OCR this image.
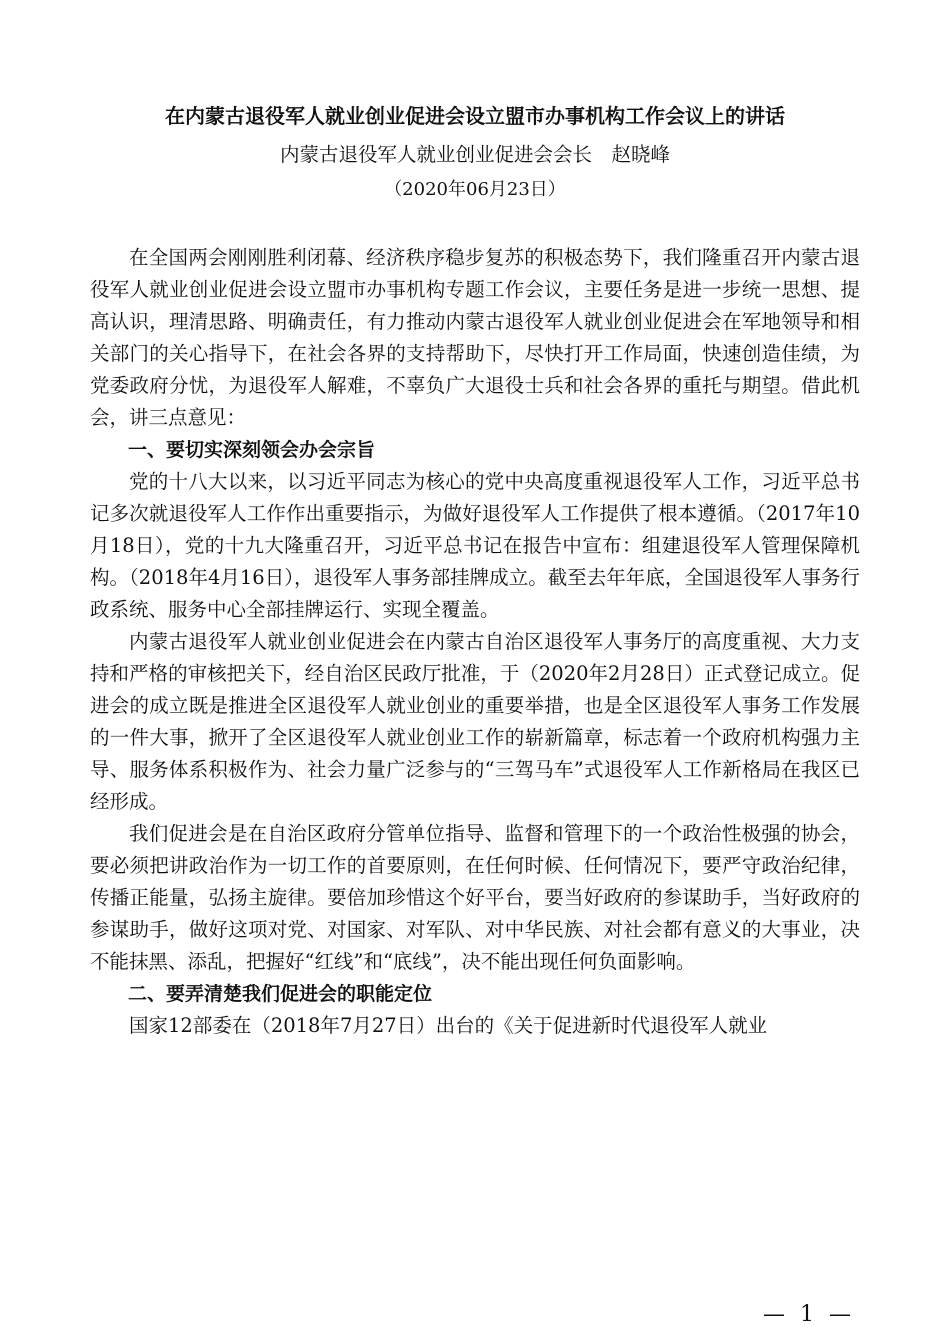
在内蒙古退役军人就业创业促进会设立盟市办事机构工作会议上的讲话
内蒙古退役军人就业创业促进会会长　赵晓峰
（2020年06月23日）

在全国两会刚刚胜利闭幕、经济秩序稳步复苏的积极态势下，我们隆重召开内蒙古退役军人就业创业促进会设立盟市办事机构专题工作会议，主要任务是进一步统一思想、提高认识，理清思路、明确责任，有力推动内蒙古退役军人就业创业促进会在军地领导和相关部门的关心指导下，在社会各界的支持帮助下，尽快打开工作局面，快速创造佳绩，为党委政府分忧，为退役军人解难，不辜负广大退役士兵和社会各界的重托与期望。借此机会，讲三点意见：

一、要切实深刻领会办会宗旨

党的十八大以来，以习近平同志为核心的党中央高度重视退役军人工作，习近平总书记多次就退役军人工作作出重要指示，为做好退役军人工作提供了根本遵循。（2017年10月18日），党的十九大隆重召开，习近平总书记在报告中宣布：组建退役军人管理保障机构。（2018年4月16日），退役军人事务部挂牌成立。截至去年年底，全国退役军人事务行政系统、服务中心全部挂牌运行、实现全覆盖。

内蒙古退役军人就业创业促进会在内蒙古自治区退役军人事务厅的高度重视、大力支持和严格的审核把关下，经自治区民政厅批准，于（2020年2月28日）正式登记成立。促进会的成立既是推进全区退役军人就业创业的重要举措，也是全区退役军人事务工作发展的一件大事，掀开了全区退役军人就业创业工作的崭新篇章，标志着一个政府机构强力主导、服务体系积极作为、社会力量广泛参与的“三驾马车”式退役军人工作新格局在我区已经形成。

我们促进会是在自治区政府分管单位指导、监督和管理下的一个政治性极强的协会，要必须把讲政治作为一切工作的首要原则，在任何时候、任何情况下，要严守政治纪律，传播正能量，弘扬主旋律。要倍加珍惜这个好平台，要当好政府的参谋助手，当好政府的参谋助手，做好这项对党、对国家、对军队、对中华民族、对社会都有意义的大事业，决不能抹黑、添乱，把握好“红线”和“底线”，决不能出现任何负面影响。

二、要弄清楚我们促进会的职能定位

国家12部委在（2018年7月27日）出台的《关于促进新时代退役军人就业

— 1 —
